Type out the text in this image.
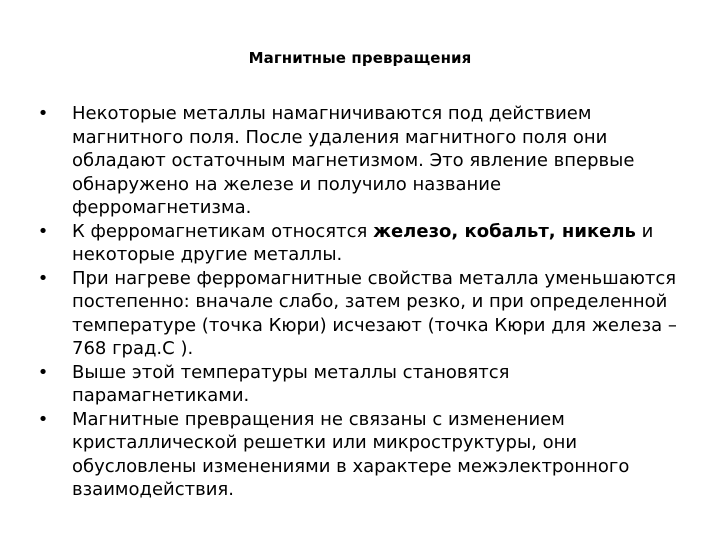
Магнитные превращения
• Некоторые металлы намагничиваются под действием магнитного поля. После удаления магнитного поля они обладают остаточным магнетизмом. Это явление впервые обнаружено на железе и получило название ферромагнетизма.
• К ферромагнетикам относятся железо, кобальт, никель и некоторые другие металлы.
• При нагреве ферромагнитные свойства металла уменьшаются постепенно: вначале слабо, затем резко, и при определенной температуре (точка Кюри) исчезают (точка Кюри для железа –768 град.С ).
• Выше этой температуры металлы становятся парамагнетиками.
• Магнитные превращения не связаны с изменением кристаллической решетки или микроструктуры, они обусловлены изменениями в характере межэлектронного взаимодействия.
